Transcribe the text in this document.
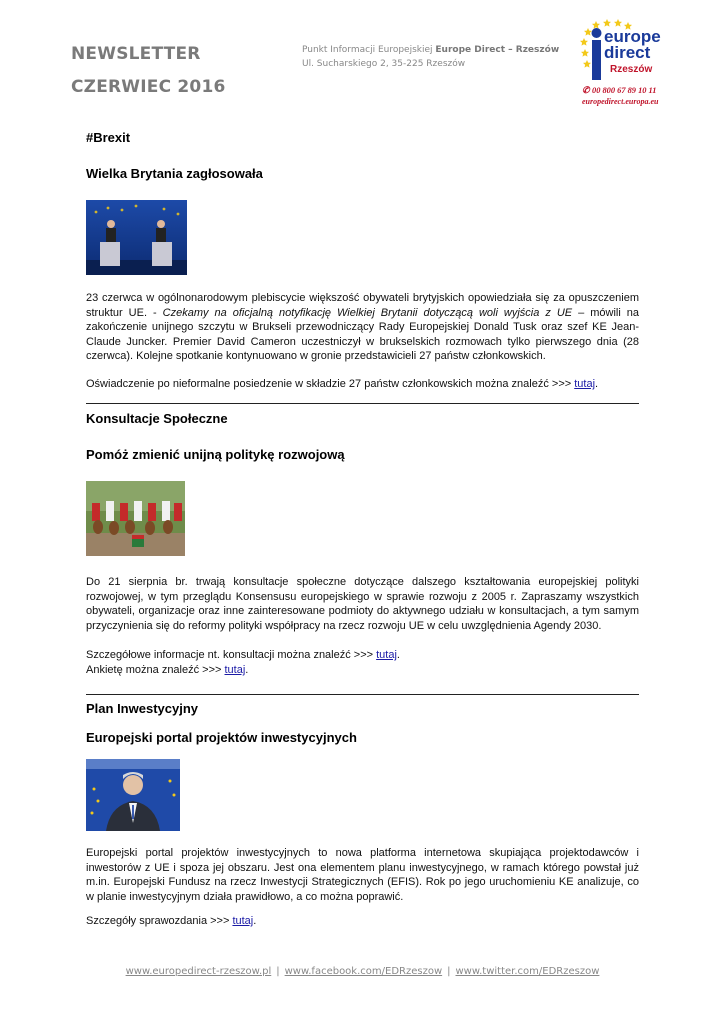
NEWSLETTER CZERWIEC 2016
Punkt Informacji Europejskiej Europe Direct – Rzeszów
Ul. Sucharskiego 2, 35-225 Rzeszów
europe
direct
Rzeszów
✆ 00 800 67 89 10 11
europedirect.europa.eu
#Brexit
Wielka Brytania zagłosowała
23 czerwca w ogólnonarodowym plebiscycie większość obywateli brytyjskich opowiedziała się za opuszczeniem struktur UE. - Czekamy na oficjalną notyfikację Wielkiej Brytanii dotyczącą woli wyjścia z UE – mówili na zakończenie unijnego szczytu w Brukseli przewodniczący Rady Europejskiej Donald Tusk oraz szef KE Jean-Claude Juncker. Premier David Cameron uczestniczył w brukselskich rozmowach tylko pierwszego dnia (28 czerwca). Kolejne spotkanie kontynuowano w gronie przedstawicieli 27 państw członkowskich.
Oświadczenie po nieformalne posiedzenie w składzie 27 państw członkowskich można znaleźć >>> tutaj.
Konsultacje Społeczne
Pomóż zmienić unijną politykę rozwojową
Do 21 sierpnia br. trwają konsultacje społeczne dotyczące dalszego kształtowania europejskiej polityki rozwojowej, w tym przeglądu Konsensusu europejskiego w sprawie rozwoju z 2005 r. Zapraszamy wszystkich obywateli, organizacje oraz inne zainteresowane podmioty do aktywnego udziału w konsultacjach, a tym samym przyczynienia się do reformy polityki współpracy na rzecz rozwoju UE w celu uwzględnienia Agendy 2030.
Szczegółowe informacje nt. konsultacji można znaleźć >>> tutaj.
Ankietę można znaleźć >>> tutaj.
Plan Inwestycyjny
Europejski portal projektów inwestycyjnych
Europejski portal projektów inwestycyjnych to nowa platforma internetowa skupiająca projektodawców i inwestorów z UE i spoza jej obszaru. Jest ona elementem planu inwestycyjnego, w ramach którego powstał już m.in. Europejski Fundusz na rzecz Inwestycji Strategicznych (EFIS). Rok po jego uruchomieniu KE analizuje, co w planie inwestycyjnym działa prawidłowo, a co można poprawić.
Szczegóły sprawozdania >>> tutaj.
www.europedirect-rzeszow.pl | www.facebook.com/EDRzeszow | www.twitter.com/EDRzeszow
